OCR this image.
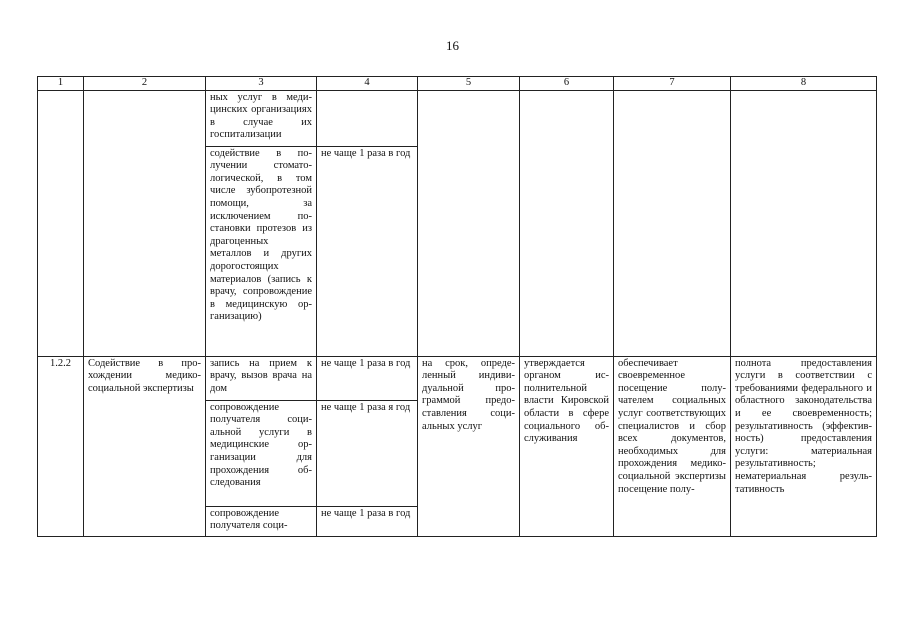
16
1	2	3	4	5	6	7	8
		ных услуг в медицинских организациях в случае их госпитализации					
		содействие в получении стоматологической, в том числе зубопротезной помощи, за исключением постановки протезов из драгоценных металлов и других дорогостоящих материалов (запись к врачу, сопровождение в медицинскую организацию)	не чаще 1 раза в год				
1.2.2	Содействие в прохождении медикосоциальной экспертизы	запись на прием к врачу, вызов врача на дом	не чаще 1 раза в год	на срок, определенный индивидуальной программой предоставления социальных услуг	утверждается органом исполнительной власти Кировской области в сфере социального обслуживания	обеспечивает своевременное посещение получателем социальных услуг соответствующих специалистов и сбор всех документов, необходимых для прохождения медико-социальной экспертизы посещение полу-	полнота предоставления услуги в соответствии с требованиями федерального и областного законодательства и ее своевременность; результативность (эффективность) предоставления услуги: материальная результативность; нематериальная результативность
		сопровождение получателя социальной услуги в медицинские организации для прохождения обследования	не чаще 1 раза я год				
		сопровождение получателя соци-	не чаще 1 раза в год				
